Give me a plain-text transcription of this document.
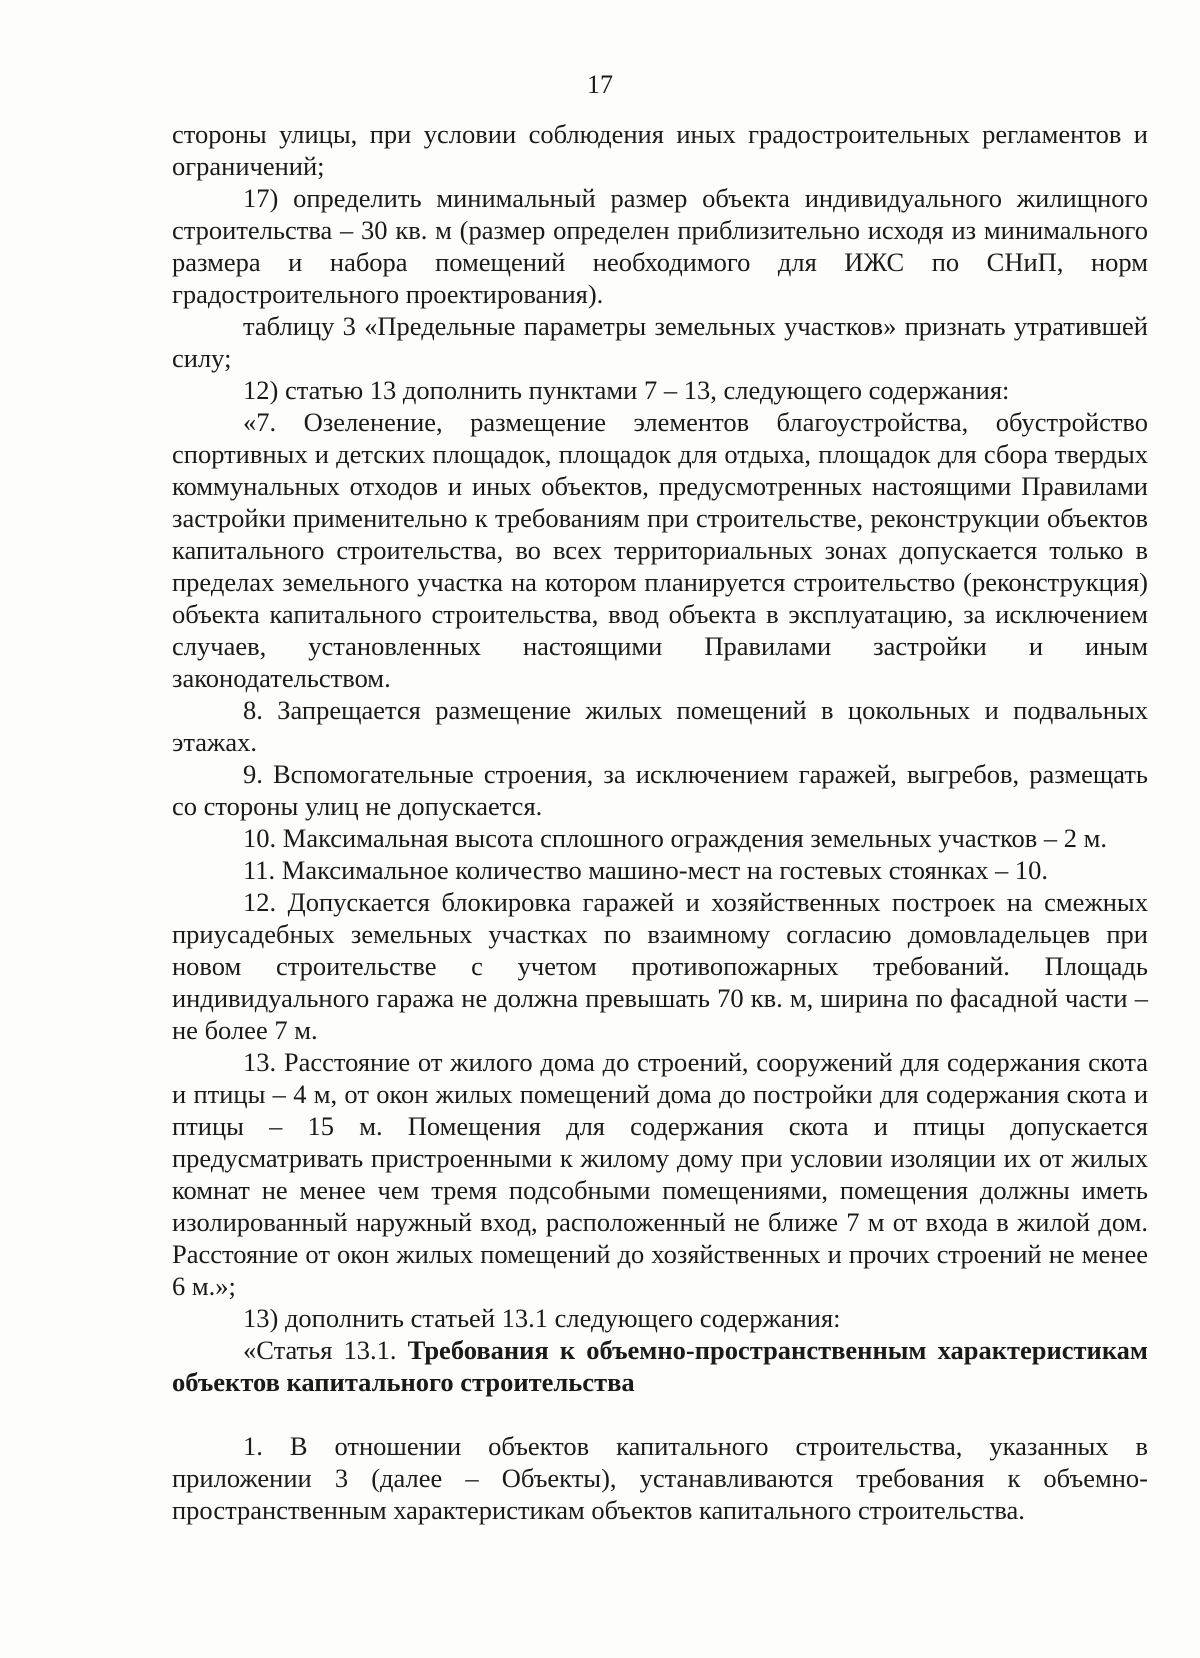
17

стороны улицы, при условии соблюдения иных градостроительных регламентов и ограничений;

17) определить минимальный размер объекта индивидуального жилищного строительства – 30 кв. м (размер определен приблизительно исходя из минимального размера и набора помещений необходимого для ИЖС по СНиП, норм градостроительного проектирования).

таблицу 3 «Предельные параметры земельных участков» признать утратившей силу;

12) статью 13 дополнить пунктами 7 – 13, следующего содержания:

«7. Озеленение, размещение элементов благоустройства, обустройство спортивных и детских площадок, площадок для отдыха, площадок для сбора твердых коммунальных отходов и иных объектов, предусмотренных настоящими Правилами застройки применительно к требованиям при строительстве, реконструкции объектов капитального строительства, во всех территориальных зонах допускается только в пределах земельного участка на котором планируется строительство (реконструкция) объекта капитального строительства, ввод объекта в эксплуатацию, за исключением случаев, установленных настоящими Правилами застройки и иным законодательством.

8. Запрещается размещение жилых помещений в цокольных и подвальных этажах.

9. Вспомогательные строения, за исключением гаражей, выгребов, размещать со стороны улиц не допускается.

10. Максимальная высота сплошного ограждения земельных участков – 2 м.

11. Максимальное количество машино-мест на гостевых стоянках – 10.

12. Допускается блокировка гаражей и хозяйственных построек на смежных приусадебных земельных участках по взаимному согласию домовладельцев при новом строительстве с учетом противопожарных требований. Площадь индивидуального гаража не должна превышать 70 кв. м, ширина по фасадной части – не более 7 м.

13. Расстояние от жилого дома до строений, сооружений для содержания скота и птицы – 4 м, от окон жилых помещений дома до постройки для содержания скота и птицы – 15 м. Помещения для содержания скота и птицы допускается предусматривать пристроенными к жилому дому при условии изоляции их от жилых комнат не менее чем тремя подсобными помещениями, помещения должны иметь изолированный наружный вход, расположенный не ближе 7 м от входа в жилой дом. Расстояние от окон жилых помещений до хозяйственных и прочих строений не менее 6 м.»;

13) дополнить статьей 13.1 следующего содержания:

«Статья 13.1. Требования к объемно-пространственным характеристикам объектов капитального строительства

1. В отношении объектов капитального строительства, указанных в приложении 3 (далее – Объекты), устанавливаются требования к объемно-пространственным характеристикам объектов капитального строительства.
